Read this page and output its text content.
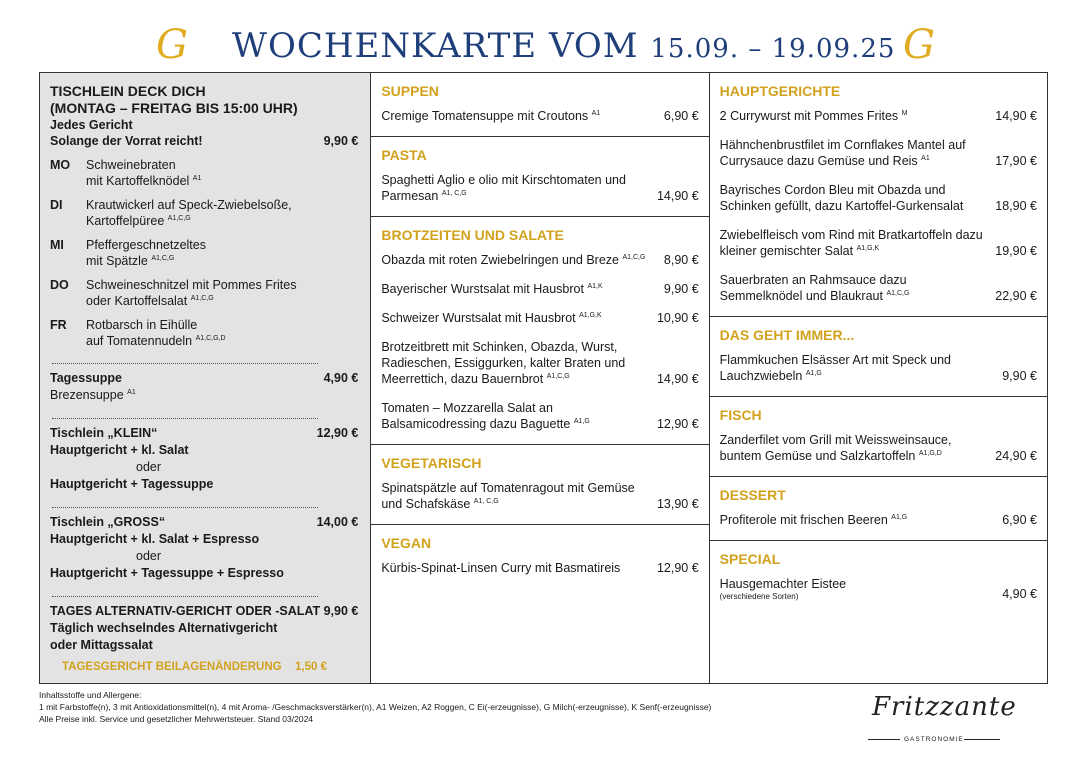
G WOCHENKARTE VOM 15.09. – 19.09.25 G
TISCHLEIN DECK DICH
(MONTAG – FREITAG BIS 15:00 UHR)
Jedes Gericht
Solange der Vorrat reicht!	9,90 €
MO	Schweinebraten
mit Kartoffelknödel $^{A1}$
DI	Krautwickerl auf Speck-Zwiebelsoße,
Kartoffelpüree $^{A1,C,G}$
MI	Pfeffergeschnetzeltes
mit Spätzle $^{A1,C,G}$
DO	Schweineschnitzel mit Pommes Frites
oder Kartoffelsalat $^{A1,C,G}$
FR	Rotbarsch in Eihülle
auf Tomatennudeln $^{A1,C,G,D}$
Tagessuppe	4,90 €
Brezensuppe $^{A1}$
Tischlein „KLEIN“	12,90 €
Hauptgericht + kl. Salat
oder
Hauptgericht + Tagessuppe
Tischlein „GROSS“	14,00 €
Hauptgericht + kl. Salat + Espresso
oder
Hauptgericht + Tagessuppe + Espresso
TAGES ALTERNATIV-GERICHT ODER -SALAT 9,90 €
Täglich wechselndes Alternativgericht
oder Mittagssalat
TAGESGERICHT BEILAGENÄNDERUNG 1,50 €
SUPPEN
Cremige Tomatensuppe mit Croutons $^{A1}$	6,90 €
PASTA
Spaghetti Aglio e olio mit Kirschtomaten und Parmesan $^{A1, C,G}$	14,90 €
BROTZEITEN UND SALATE
Obazda mit roten Zwiebelringen und Breze $^{A1,C,G}$	8,90 €
Bayerischer Wurstsalat mit Hausbrot $^{A1,K}$	9,90 €
Schweizer Wurstsalat mit Hausbrot $^{A1,G,K}$	10,90 €
Brotzeitbrett mit Schinken, Obazda, Wurst, Radieschen, Essiggurken, kalter Braten und Meerrettich, dazu Bauernbrot $^{A1,C,G}$	14,90 €
Tomaten – Mozzarella Salat an Balsamicodressing dazu Baguette $^{A1,G}$	12,90 €
VEGETARISCH
Spinatspätzle auf Tomatenragout mit Gemüse und Schafskäse $^{A1, C,G}$	13,90 €
VEGAN
Kürbis-Spinat-Linsen Curry mit Basmatireis	12,90 €
HAUPTGERICHTE
2 Currywurst mit Pommes Frites $^M$	14,90 €
Hähnchenbrustfilet im Cornflakes Mantel auf Currysauce dazu Gemüse und Reis $^{A1}$	17,90 €
Bayrisches Cordon Bleu mit Obazda und Schinken gefüllt, dazu Kartoffel-Gurkensalat	18,90 €
Zwiebelfleisch vom Rind mit Bratkartoffeln dazu kleiner gemischter Salat $^{A1,G,K}$	19,90 €
Sauerbraten an Rahmsauce dazu Semmelknödel und Blaukraut $^{A1,C,G}$	22,90 €
DAS GEHT IMMER...
Flammkuchen Elsässer Art mit Speck und Lauchzwiebeln $^{A1,G}$	9,90 €
FISCH
Zanderfilet vom Grill mit Weissweinsauce, buntem Gemüse und Salzkartoffeln $^{A1,G,D}$	24,90 €
DESSERT
Profiterole mit frischen Beeren $^{A1,G}$	6,90 €
SPECIAL
Hausgemachter Eistee
(verschiedene Sorten)	4,90 €
Inhaltsstoffe und Allergene:
1 mit Farbstoffe(n), 3 mit Antioxidationsmittel(n), 4 mit Aroma- /Geschmacksverstärker(n), A1 Weizen, A2 Roggen, C Ei(-erzeugnisse), G Milch(-erzeugnisse), K Senf(-erzeugnisse)
Alle Preise inkl. Service und gesetzlicher Mehrwertsteuer. Stand 03/2024	Fritzzante
GASTRONOMIE
